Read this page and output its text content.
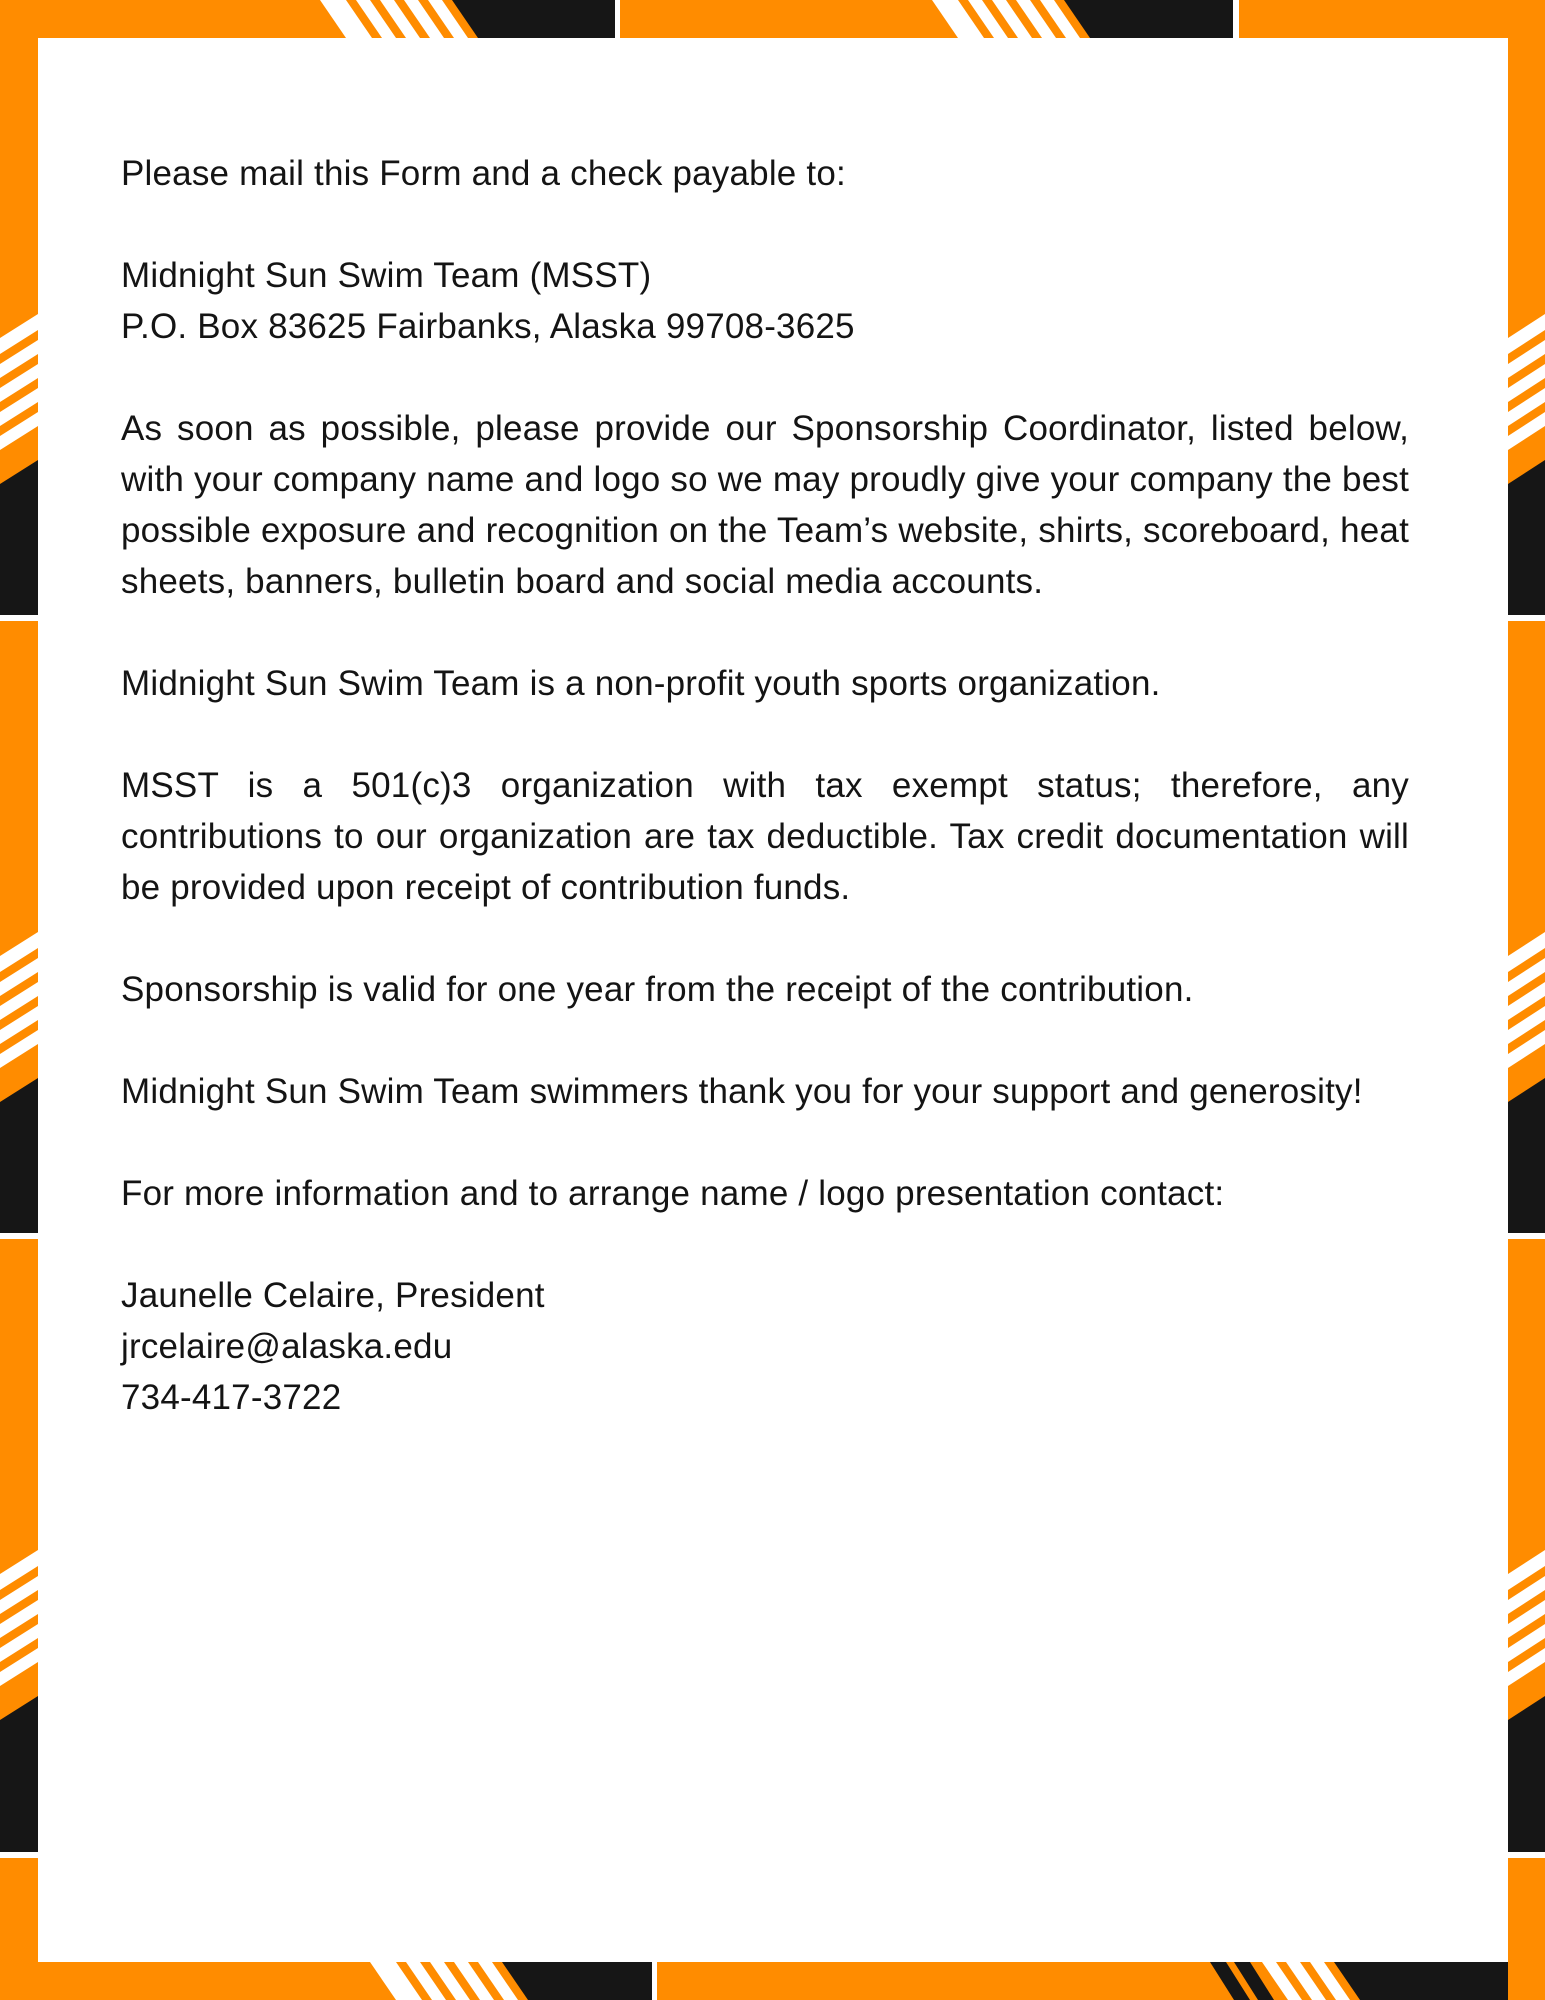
Please mail this Form and a check payable to:

Midnight Sun Swim Team (MSST)
P.O. Box 83625 Fairbanks, Alaska 99708-3625

As soon as possible, please provide our Sponsorship Coordinator, listed below, with your company name and logo so we may proudly give your company the best possible exposure and recognition on the Team’s website, shirts, scoreboard, heat sheets, banners, bulletin board and social media accounts.

Midnight Sun Swim Team is a non-profit youth sports organization.

MSST is a 501(c)3 organization with tax exempt status; therefore, any contributions to our organization are tax deductible. Tax credit documentation will be provided upon receipt of contribution funds.

Sponsorship is valid for one year from the receipt of the contribution.

Midnight Sun Swim Team swimmers thank you for your support and generosity!

For more information and to arrange name / logo presentation contact:

Jaunelle Celaire, President
jrcelaire@alaska.edu
734-417-3722
